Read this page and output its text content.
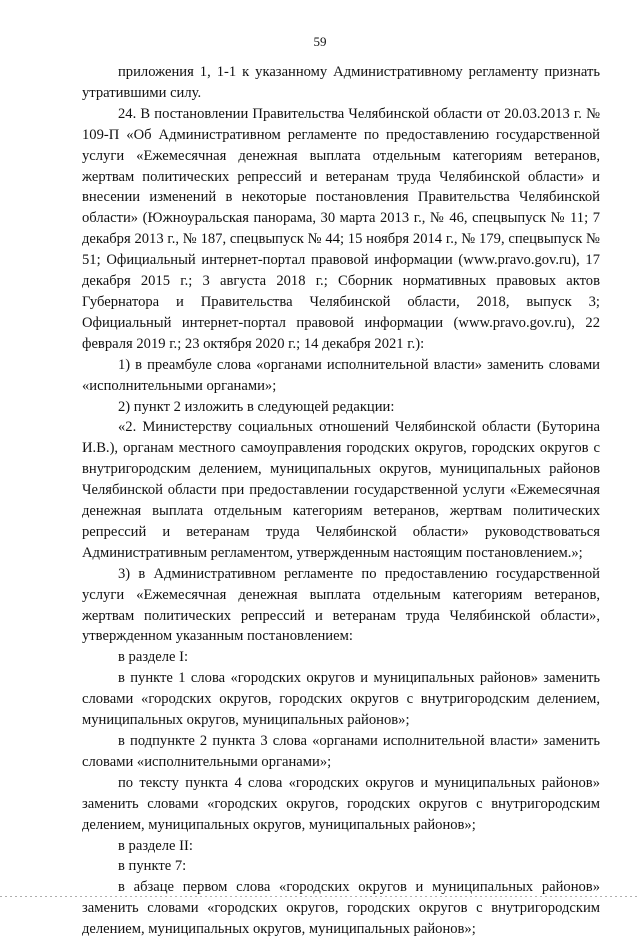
59

приложения 1, 1-1 к указанному Административному регламенту признать утратившими силу.

24. В постановлении Правительства Челябинской области от 20.03.2013 г. № 109-П «Об Административном регламенте по предоставлению государственной услуги «Ежемесячная денежная выплата отдельным категориям ветеранов, жертвам политических репрессий и ветеранам труда Челябинской области» и внесении изменений в некоторые постановления Правительства Челябинской области» (Южноуральская панорама, 30 марта 2013 г., № 46, спецвыпуск № 11; 7 декабря 2013 г., № 187, спецвыпуск № 44; 15 ноября 2014 г., № 179, спецвыпуск № 51; Официальный интернет-портал правовой информации (www.pravo.gov.ru), 17 декабря 2015 г.; 3 августа 2018 г.; Сборник нормативных правовых актов Губернатора и Правительства Челябинской области, 2018, выпуск 3; Официальный интернет-портал правовой информации (www.pravo.gov.ru), 22 февраля 2019 г.; 23 октября 2020 г.; 14 декабря 2021 г.):

1) в преамбуле слова «органами исполнительной власти» заменить словами «исполнительными органами»;

2) пункт 2 изложить в следующей редакции:

«2. Министерству социальных отношений Челябинской области (Буторина И.В.), органам местного самоуправления городских округов, городских округов с внутригородским делением, муниципальных округов, муниципальных районов Челябинской области при предоставлении государственной услуги «Ежемесячная денежная выплата отдельным категориям ветеранов, жертвам политических репрессий и ветеранам труда Челябинской области» руководствоваться Административным регламентом, утвержденным настоящим постановлением.»;

3) в Административном регламенте по предоставлению государственной услуги «Ежемесячная денежная выплата отдельным категориям ветеранов, жертвам политических репрессий и ветеранам труда Челябинской области», утвержденном указанным постановлением:

в разделе I:

в пункте 1 слова «городских округов и муниципальных районов» заменить словами «городских округов, городских округов с внутригородским делением, муниципальных округов, муниципальных районов»;

в подпункте 2 пункта 3 слова «органами исполнительной власти» заменить словами «исполнительными органами»;

по тексту пункта 4 слова «городских округов и муниципальных районов» заменить словами «городских округов, городских округов с внутригородским делением, муниципальных округов, муниципальных районов»;

в разделе II:

в пункте 7:

в абзаце первом слова «городских округов и муниципальных районов» заменить словами «городских округов, городских округов с внутригородским делением, муниципальных округов, муниципальных районов»;
